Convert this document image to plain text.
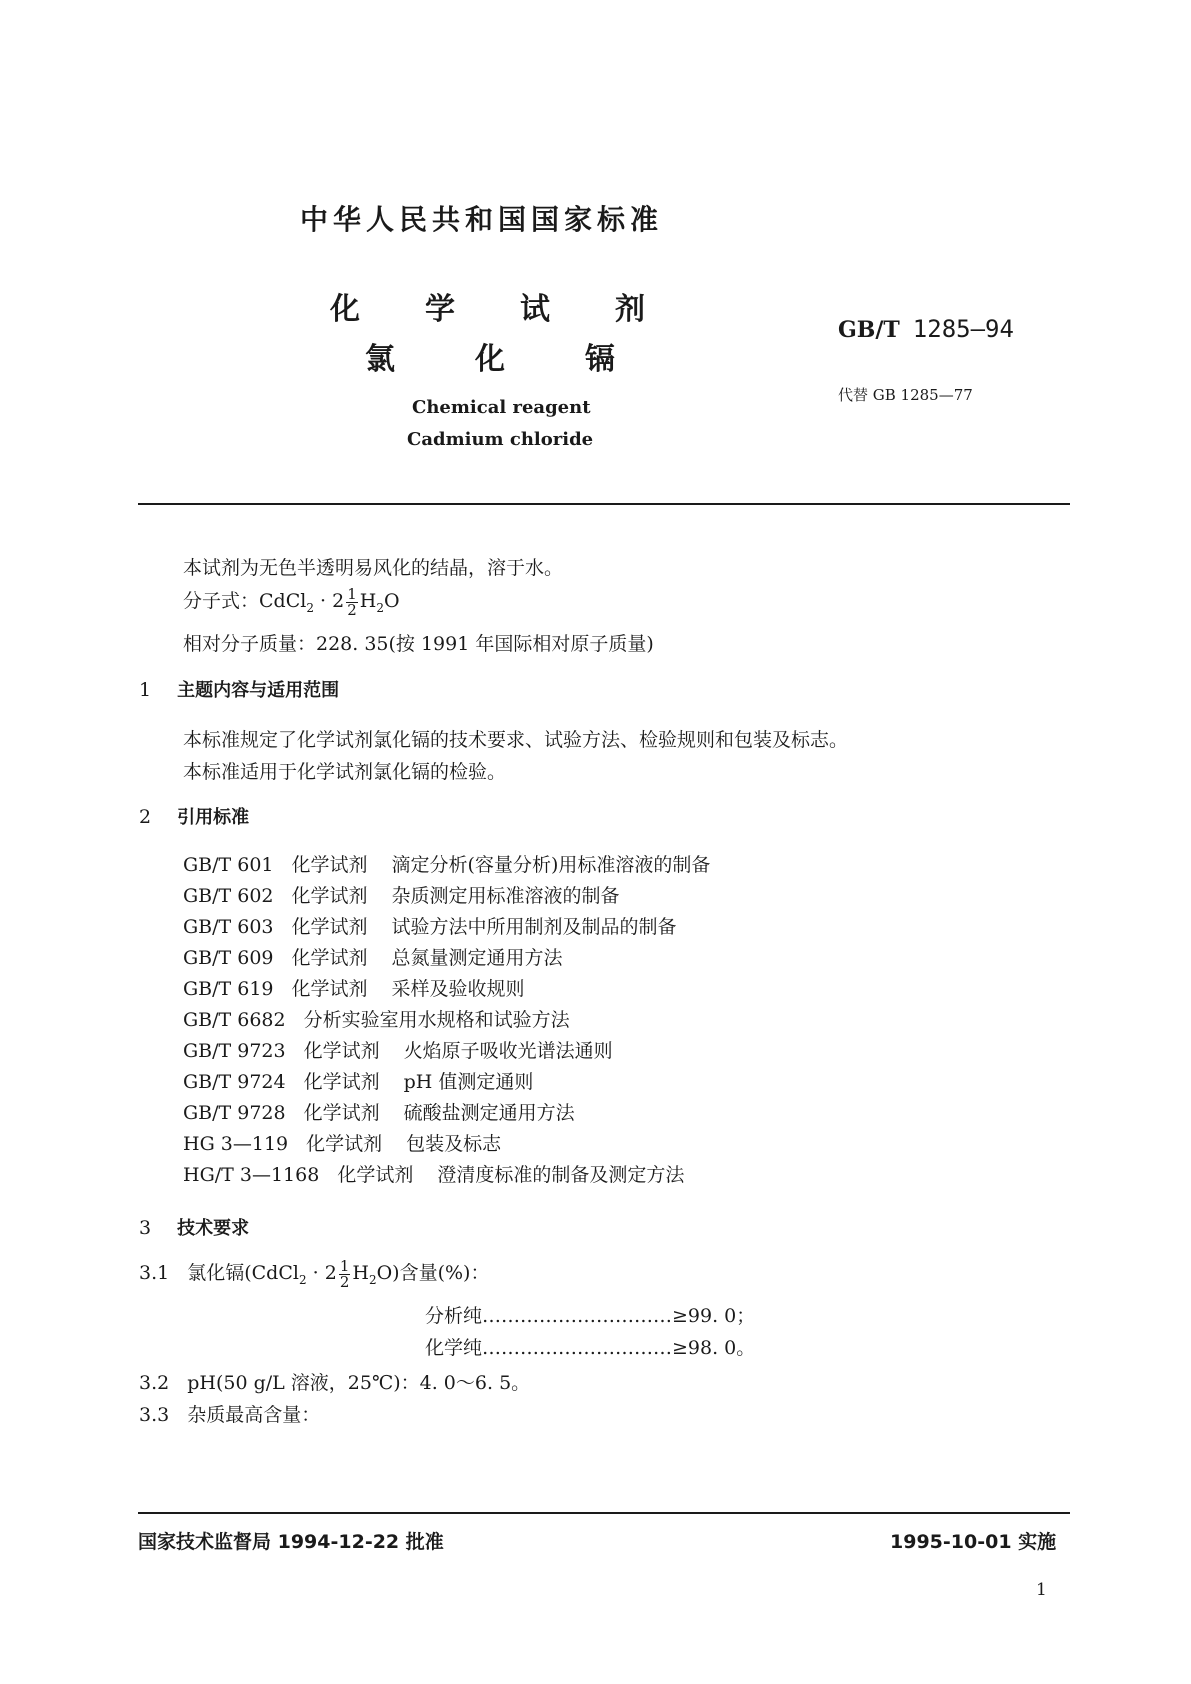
中华人民共和国国家标准
化 学 试 剂
氯	化	镉
GB/T 1285—94
代替 GB 1285—77
Chemical reagent
Cadmium chloride
本试剂为无色半透明易风化的结晶，溶于水。
分子式：CdCl$_2$ · $2 \frac{1}{2} H_2O$
相对分子质量：228. 35(按 1991 年国际相对原子质量)
1 主题内容与适用范围
本标准规定了化学试剂氯化镉的技术要求、试验方法、检验规则和包装及标志。
本标准适用于化学试剂氯化镉的检验。
2 引用标准
GB/T 601 化学试剂 滴定分析(容量分析)用标准溶液的制备
GB/T 602 化学试剂 杂质测定用标准溶液的制备
GB/T 603 化学试剂 试验方法中所用制剂及制品的制备
GB/T 609 化学试剂 总氮量测定通用方法
GB/T 619 化学试剂 采样及验收规则
GB/T 6682 分析实验室用水规格和试验方法
GB/T 9723 化学试剂 火焰原子吸收光谱法通则
GB/T 9724 化学试剂 pH 值测定通则
GB/T 9728 化学试剂 硫酸盐测定通用方法
HG 3—119 化学试剂 包装及标志
HG/T 3—1168 化学试剂 澄清度标准的制备及测定方法
3 技术要求
3.1 氯化镉(CdCl$_2$ · $2 \frac{1}{2} H_2O$)含量(%)：
分析纯…………………………≥99. 0；
化学纯…………………………≥98. 0。
3.2 pH(50 g/L 溶液，25℃)：4. 0～6. 5。
3.3 杂质最高含量：
国家技术监督局 1994-12-22 批准	1995-10-01 实施
1
